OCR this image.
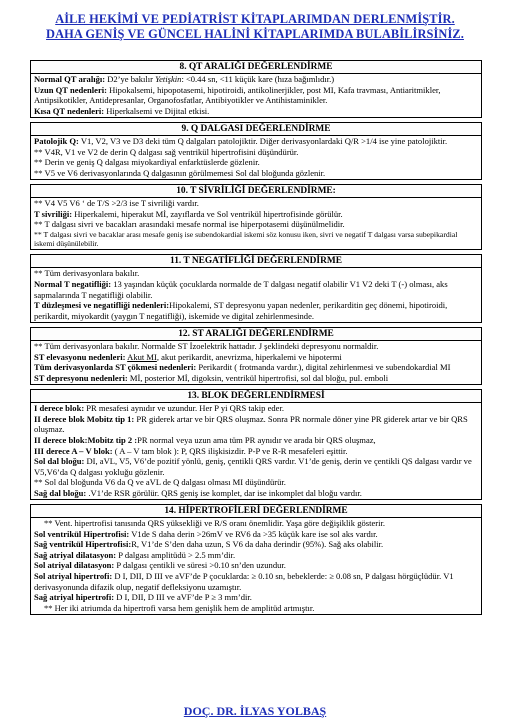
AİLE HEKİMİ VE PEDİATRİST KİTAPLARIMDAN DERLENMİŞTİR.
DAHA GENİŞ VE GÜNCEL HALİNİ KİTAPLARIMDA BULABİLİRSİNİZ.
8. QT ARALIĞI DEĞERLENDİRME
Normal QT aralığı: D2’ye bakılır Yetişkin: <0.44 sn, <11 küçük kare (hıza bağımlıdır.)
Uzun QT nedenleri: Hipokalsemi, hipopotasemi, hipotiroidi, antikolinerjikler, post MI, Kafa travması, Antiaritmikler, Antipsikotikler, Antidepresanlar, Organofosfatlar, Antibiyotikler ve Antihistaminikler.
Kısa QT nedenleri: Hiperkalsemi ve Dijital etkisi.
9. Q DALGASI DEĞERLENDİRME
Patolojik Q: V1, V2, V3 ve D3 deki tüm Q dalgaları patolojiktir. Diğer derivasyonlardaki Q/R >1/4 ise yine patolojiktir.
** V4R, V1 ve V2 de derin Q dalgası sağ ventrikül hipertrofisini düşündürür.
** Derin ve geniş Q dalgası miyokardiyal enfarktüslerde gözlenir.
** V5 ve V6 derivasyonlarında Q dalgasının görülmemesi Sol dal bloğunda gözlenir.
10. T SİVRİLİĞİ DEĞERLENDİRME:
** V4 V5 V6 ‘ de T/S >2/3 ise T sivriliği vardır.
T sivriliği: Hiperkalemi, hiperakut Mİ, zayıflarda ve Sol ventrikül hipertrofisinde görülür.
** T dalgası sivri ve bacakları arasındaki mesafe normal ise hiperpotasemi düşünülmelidir.
** T dalgası sivri ve bacaklar arası mesafe geniş ise subendokardial iskemi söz konusu iken, sivri ve negatif T dalgası varsa subepikardial iskemi düşünülebilir.
11. T NEGATİFLİĞİ DEĞERLENDİRME
** Tüm derivasyonlara bakılır.
Normal T negatifliği: 13 yaşından küçük çocuklarda normalde de T dalgası negatif olabilir V1 V2 deki T (-) olması, aks sapmalarında T negatifliği olabilir.
T düzleşmesi ve negatifliği nedenleri:Hipokalemi, ST depresyonu yapan nedenler, perikarditin geç dönemi, hipotiroidi, perikardit, miyokardit (yaygın T negatifliği), iskemide ve digital zehirlenmesinde.
12. ST ARALIĞI DEĞERLENDİRME
** Tüm derivasyonlara bakılır. Normalde ST İzoelektrik hattadır. J şeklindeki depresyonu normaldir.
ST elevasyonu nedenleri: Akut MI, akut perikardit, anevrizma, hiperkalemi ve hipotermi
Tüm derivasyonlarda ST çökmesi nedenleri: Perikardit ( frotmanda vardır.), digital zehirlenmesi ve subendokardial MI
ST depresyonu nedenleri: Mİ, posterior Mİ, digoksin, ventrikül hipertrofisi, sol dal bloğu, pul. emboli
13. BLOK DEĞERLENDİRMESİ
I derece blok: PR mesafesi aynıdır ve uzundur. Her P yi QRS takip eder.
II derece blok Mobitz tip 1: PR giderek artar ve bir QRS oluşmaz. Sonra PR normale döner yine PR giderek artar ve bir QRS oluşmaz.
II derece blok:Mobitz tip 2 :PR normal veya uzun ama tüm PR aynıdır ve arada bir QRS oluşmaz,
III derece A – V blok: ( A – V tam blok ): P, QRS ilişkisizdir. P-P ve R-R mesafeleri eşittir.
Sol dal bloğu: DI, aVL, V5, V6’de pozitif yönlü, geniş, çentikli QRS vardır. V1’de geniş, derin ve çentikli QS dalgası vardır ve V5,V6’da Q dalgası yokluğu gözlenir.
** Sol dal bloğunda V6 da Q ve aVL de Q dalgası olması MI düşündürür.
Sağ dal bloğu: .V1’de RSR görülür. QRS geniş ise komplet, dar ise inkomplet dal bloğu vardır.
14. HİPERTROFİLERİ DEĞERLENDİRME
** Vent. hipertrofisi tanısında QRS yüksekliği ve R/S oranı önemlidir. Yaşa göre değişiklik gösterir.
Sol ventrikül Hipertrofisi: V1de S daha derin >26mV ve RV6 da >35 küçük kare ise sol aks vardır.
Sağ ventrikül Hipertrofisi:R, V1’de S’den daha uzun, S V6 da daha derindir (95%). Sağ aks olabilir.
Sağ atriyal dilatasyon: P dalgası amplitüdü > 2.5 mm’dir.
Sol atriyal dilatasyon: P dalgası çentikli ve süresi >0.10 sn’den uzundur.
Sol atriyal hipertrofi: D I, DII, D III ve aVF’de P çocuklarda: ≥ 0.10 sn, bebeklerde: ≥ 0.08 sn, P dalgası hörgüçlüdür. V1 derivasyonunda difazik olup, negatif defleksiyonu uzamıştır.
Sağ atriyal hipertrofi: D I, DII, D III ve aVF’de P ≥ 3 mm’dir.
** Her iki atriumda da hipertrofi varsa hem genişlik hem de amplitüd artmıştır.
DOÇ. DR. İLYAS YOLBAŞ
